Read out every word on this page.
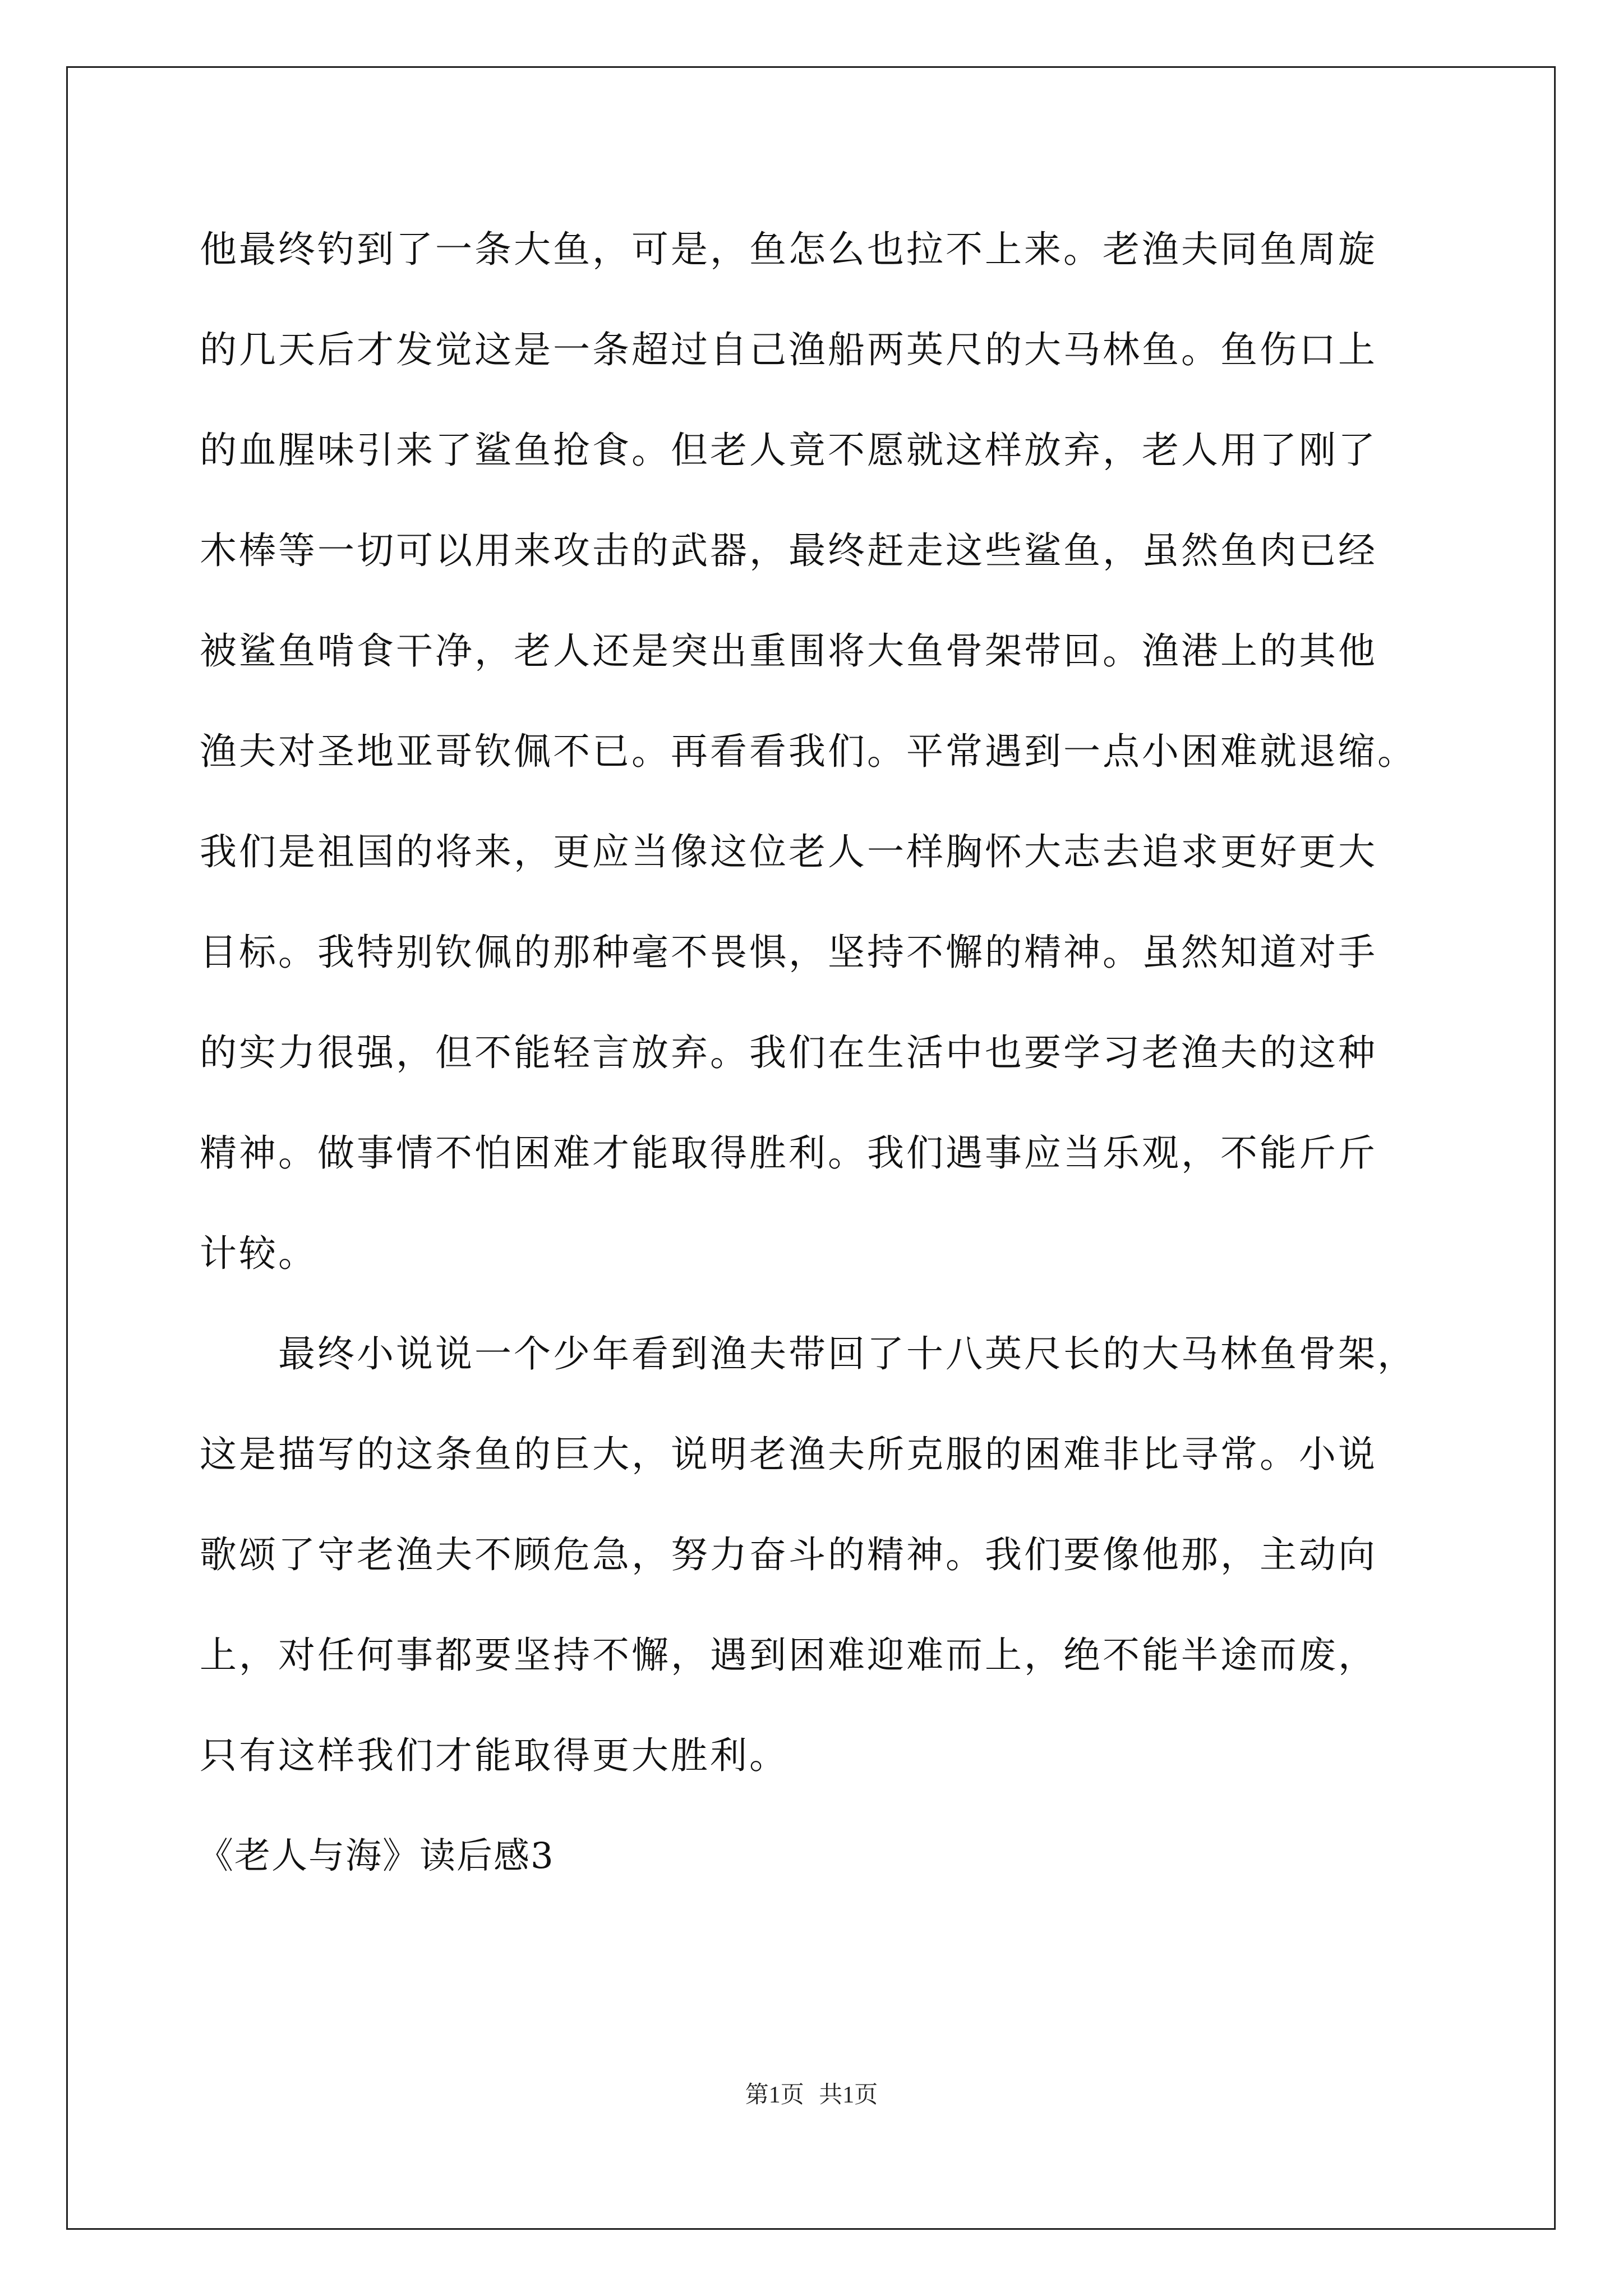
他最终钓到了一条大鱼，可是，鱼怎么也拉不上来。老渔夫同鱼周旋
的几天后才发觉这是一条超过自己渔船两英尺的大马林鱼。鱼伤口上
的血腥味引来了鲨鱼抢食。但老人竟不愿就这样放弃，老人用了刚了
木棒等一切可以用来攻击的武器，最终赶走这些鲨鱼，虽然鱼肉已经
被鲨鱼啃食干净，老人还是突出重围将大鱼骨架带回。渔港上的其他
渔夫对圣地亚哥钦佩不已。再看看我们。平常遇到一点小困难就退缩。
我们是祖国的将来，更应当像这位老人一样胸怀大志去追求更好更大
目标。我特别钦佩的那种毫不畏惧，坚持不懈的精神。虽然知道对手
的实力很强，但不能轻言放弃。我们在生活中也要学习老渔夫的这种
精神。做事情不怕困难才能取得胜利。我们遇事应当乐观，不能斤斤
计较。
　　最终小说说一个少年看到渔夫带回了十八英尺长的大马林鱼骨架，
这是描写的这条鱼的巨大，说明老渔夫所克服的困难非比寻常。小说
歌颂了守老渔夫不顾危急，努力奋斗的精神。我们要像他那，主动向
上，对任何事都要坚持不懈，遇到困难迎难而上，绝不能半途而废，
只有这样我们才能取得更大胜利。
《老人与海》读后感3
第1页 共1页
